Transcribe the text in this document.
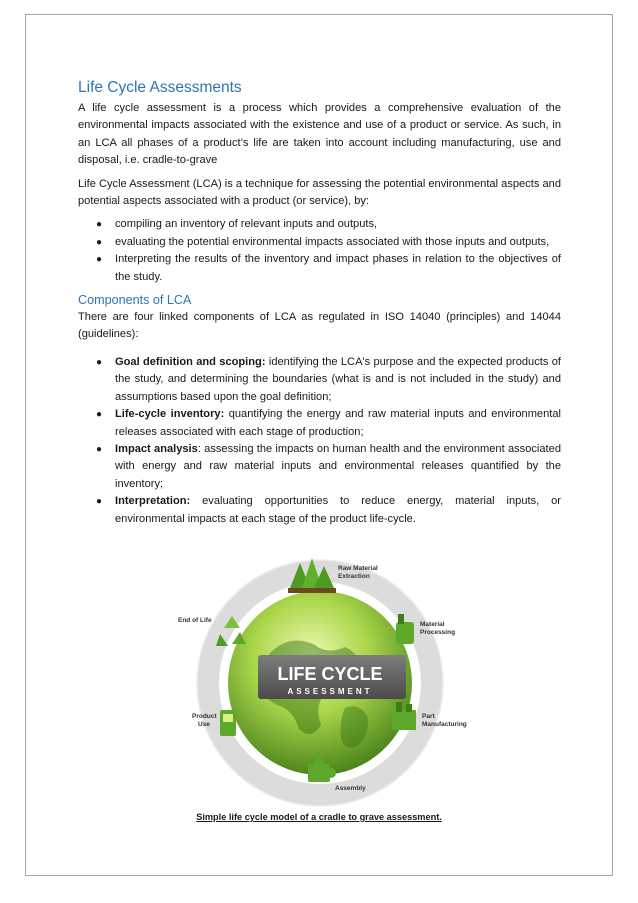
Life Cycle Assessments

A life cycle assessment is a process which provides a comprehensive evaluation of the environmental impacts associated with the existence and use of a product or service. As such, in an LCA all phases of a product’s life are taken into account including manufacturing, use and disposal, i.e. cradle-to-grave

Life Cycle Assessment (LCA) is a technique for assessing the potential environmental aspects and potential aspects associated with a product (or service), by:

● compiling an inventory of relevant inputs and outputs,
● evaluating the potential environmental impacts associated with those inputs and outputs,
● Interpreting the results of the inventory and impact phases in relation to the objectives of the study.
Components of LCA

There are four linked components of LCA as regulated in ISO 14040 (principles) and 14044 (guidelines):

● Goal definition and scoping: identifying the LCA's purpose and the expected products of the study, and determining the boundaries (what is and is not included in the study) and assumptions based upon the goal definition;
● Life-cycle inventory: quantifying the energy and raw material inputs and environmental releases associated with each stage of production;
● Impact analysis: assessing the impacts on human health and the environment associated with energy and raw material inputs and environmental releases quantified by the inventory;
● Interpretation: evaluating opportunities to reduce energy, material inputs, or environmental impacts at each stage of the product life-cycle.
LIFE CYCLE
ASSESSMENT
Raw Material
Extraction
Material
Processing
Part
Manufacturing
Assembly
Product
Use
End of Life
Simple life cycle model of a cradle to grave assessment.
